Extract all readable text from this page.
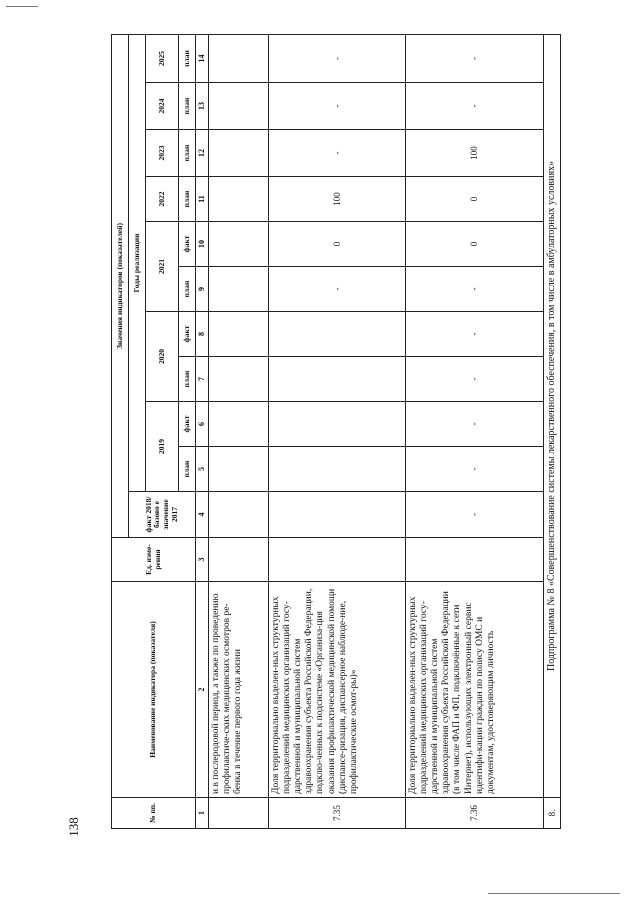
138
№ пп.	Наименование индикатора (показателя)	Ед. изме-рения	Значения индикаторов (показателей)										
			факт 2018/базово е значение 2017	Годы реализации									
				2019		2020		2021		2022	2023	2024	2025
				план	факт	план	факт	план	факт	план	план	план	план
1	2	3	4	5	6	7	8	9	10	11	12	13	14
	и в послеродовой период, а также по проведению профилактиче-ских медицинских осмотров ре-бенка в течение первого года жизни												
7.35	Доля территориально выделен-ных структурных подразделений медицинских организаций госу-дарственной и муниципальной систем здравоохранения субъекта Российской Федерации, подклю-ченных к подсистеме «Организа-ция оказания профилактической медицинской помощи (диспансе-ризация, диспансерное наблюде-ние, профилактические осмот-ры)»							-	0	100	-	-	-
7.36	Доля территориально выделен-ных структурных подразделений медицинских организаций госу-дарственной и муниципальной систем здравоохранения субъекта Российской Федерации (в том числе ФАП и ФП, подключённые к сети Интернет), использующих электронный сервис идентифи-кации граждан по полису ОМС и документам, удостоверяющим личность		-	-	-	-	-	-	0	0	100	-	-
8.	Подпрограмма № 8 «Совершенствование системы лекарственного обеспечения, в том числе в амбулаторных условиях»												
